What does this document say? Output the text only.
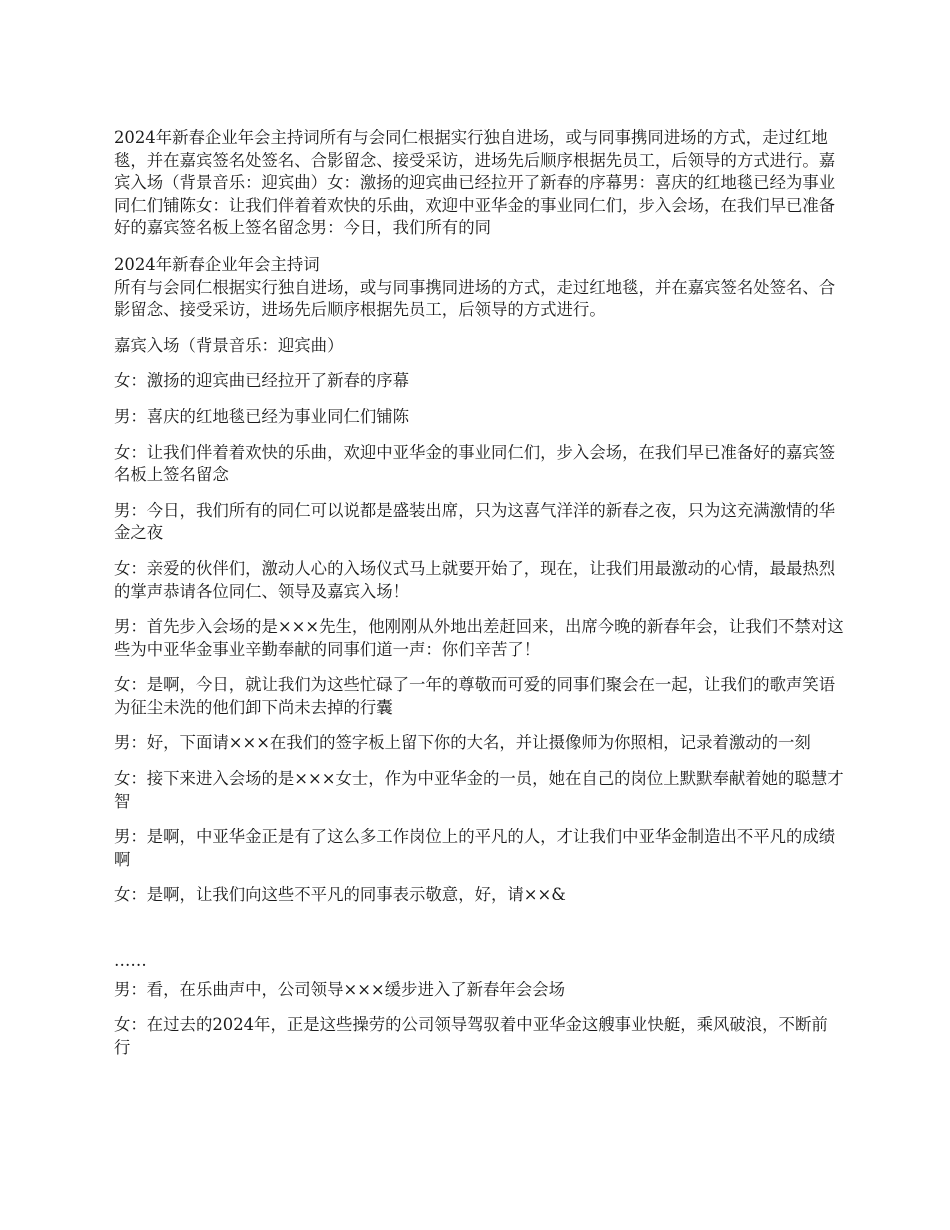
2024年新春企业年会主持词所有与会同仁根据实行独自进场，或与同事携同进场的方式，走过红地毯，并在嘉宾签名处签名、合影留念、接受采访，进场先后顺序根据先员工，后领导的方式进行。嘉宾入场（背景音乐：迎宾曲）女：激扬的迎宾曲已经拉开了新春的序幕男：喜庆的红地毯已经为事业同仁们铺陈女：让我们伴着着欢快的乐曲，欢迎中亚华金的事业同仁们，步入会场，在我们早已准备好的嘉宾签名板上签名留念男：今日，我们所有的同
2024年新春企业年会主持词
所有与会同仁根据实行独自进场，或与同事携同进场的方式，走过红地毯，并在嘉宾签名处签名、合影留念、接受采访，进场先后顺序根据先员工，后领导的方式进行。
嘉宾入场（背景音乐：迎宾曲）
女：激扬的迎宾曲已经拉开了新春的序幕
男：喜庆的红地毯已经为事业同仁们铺陈
女：让我们伴着着欢快的乐曲，欢迎中亚华金的事业同仁们，步入会场，在我们早已准备好的嘉宾签名板上签名留念
男：今日，我们所有的同仁可以说都是盛装出席，只为这喜气洋洋的新春之夜，只为这充满激情的华金之夜
女：亲爱的伙伴们，激动人心的入场仪式马上就要开始了，现在，让我们用最激动的心情，最最热烈的掌声恭请各位同仁、领导及嘉宾入场！
男：首先步入会场的是×××先生，他刚刚从外地出差赶回来，出席今晚的新春年会，让我们不禁对这些为中亚华金事业辛勤奉献的同事们道一声：你们辛苦了！
女：是啊，今日，就让我们为这些忙碌了一年的尊敬而可爱的同事们聚会在一起，让我们的歌声笑语为征尘未洗的他们卸下尚未去掉的行囊
男：好，下面请×××在我们的签字板上留下你的大名，并让摄像师为你照相，记录着激动的一刻
女：接下来进入会场的是×××女士，作为中亚华金的一员，她在自己的岗位上默默奉献着她的聪慧才智
男：是啊，中亚华金正是有了这么多工作岗位上的平凡的人，才让我们中亚华金制造出不平凡的成绩啊
女：是啊，让我们向这些不平凡的同事表示敬意，好，请××&
……
男：看，在乐曲声中，公司领导×××缓步进入了新春年会会场
女：在过去的2024年，正是这些操劳的公司领导驾驭着中亚华金这艘事业快艇，乘风破浪，不断前行
